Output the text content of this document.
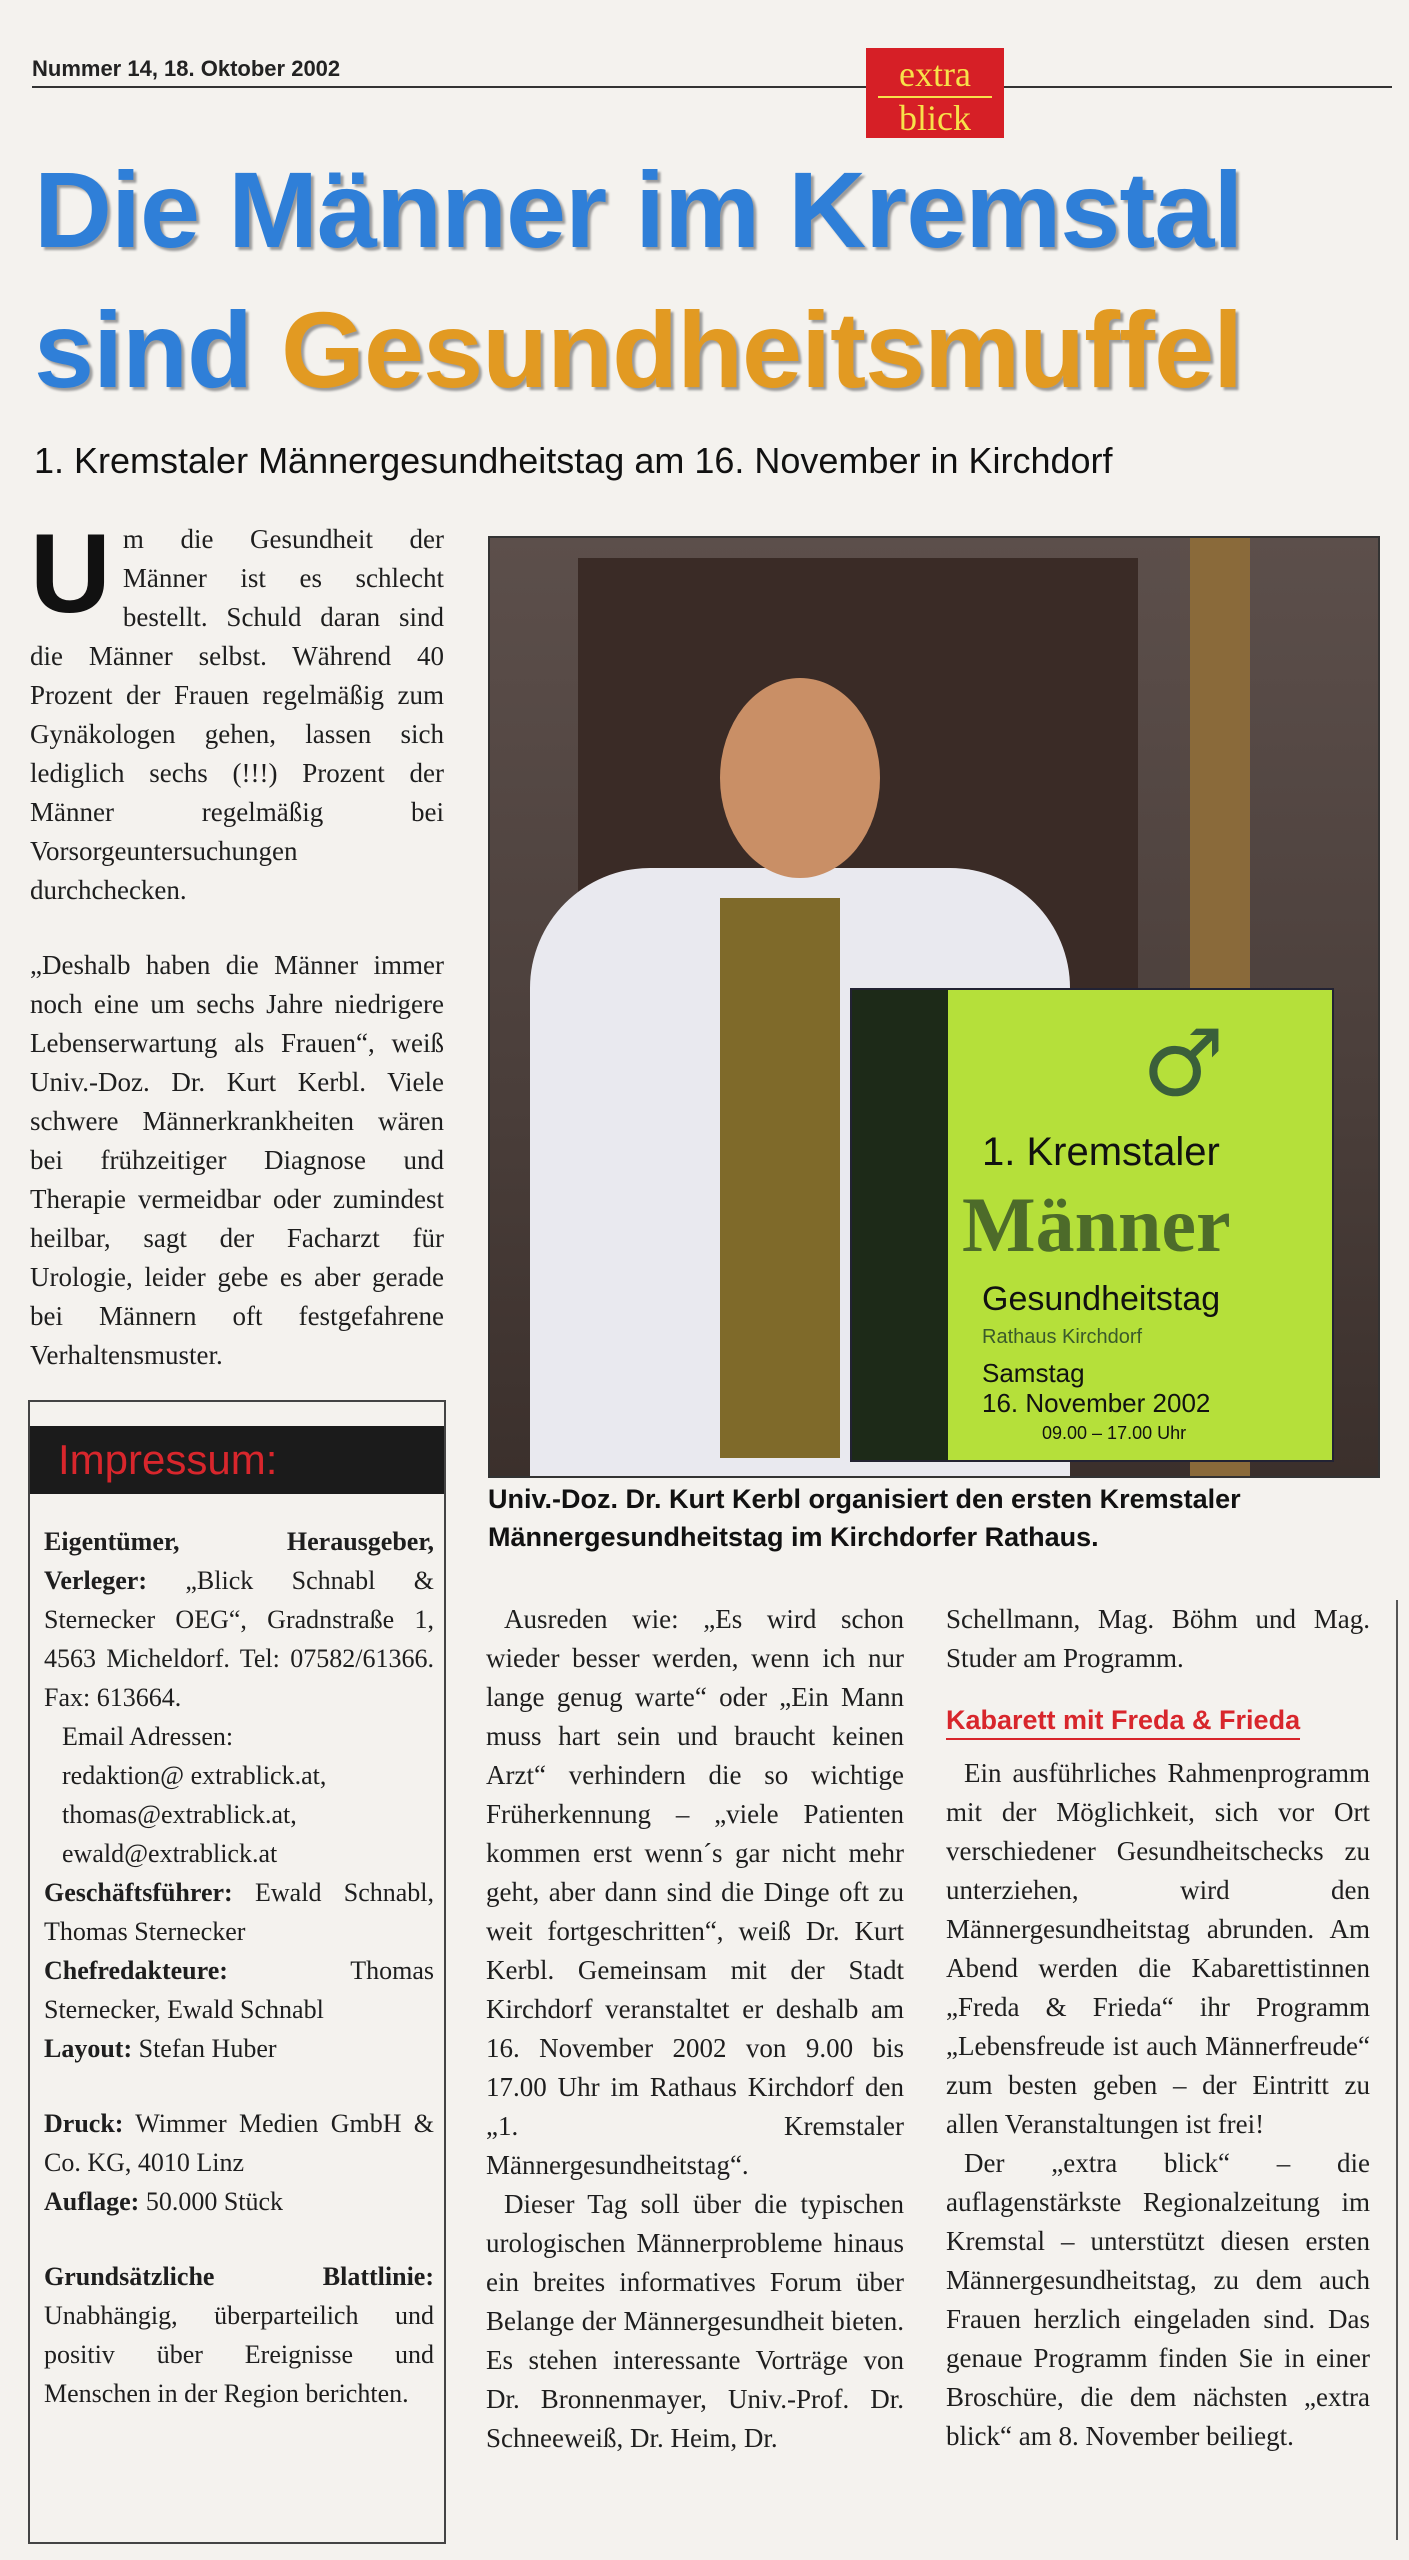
Nummer 14, 18. Oktober 2002	extra
blick
Die Männer im Kremstal
sind Gesundheitsmuffel
1. Kremstaler Männergesundheitstag am 16. November in Kirchdorf
U m die Gesundheit der Männer ist es schlecht bestellt. Schuld daran sind die Männer selbst. Während 40 Prozent der Frauen regelmäßig zum Gynäkologen gehen, lassen sich lediglich sechs (!!!) Prozent der Männer regelmäßig bei Vorsorgeuntersuchungen durchchecken.

„Deshalb haben die Männer immer noch eine um sechs Jahre niedrigere Lebenserwartung als Frauen“, weiß Univ.-Doz. Dr. Kurt Kerbl. Viele schwere Männerkrankheiten wären bei frühzeitiger Diagnose und Therapie vermeidbar oder zumindest heilbar, sagt der Facharzt für Urologie, leider gebe es aber gerade bei Männern oft festgefahrene Verhaltensmuster.

♂
1. Kremstaler
Männer
Gesundheitstag
Rathaus Kirchdorf
Samstag
16. November 2002
09.00 – 17.00 Uhr
Univ.-Doz. Dr. Kurt Kerbl organisiert den ersten Kremstaler Männergesundheitstag im Kirchdorfer Rathaus.
Impressum:

Eigentümer, Herausgeber, Verleger: „Blick Schnabl & Sternecker OEG“, Gradnstraße 1, 4563 Micheldorf. Tel: 07582/61366. Fax: 613664.

Email Adressen:

redaktion@ extrablick.at,

thomas@extrablick.at,

ewald@extrablick.at

Geschäftsführer: Ewald Schnabl, Thomas Sternecker

Chefredakteure:	Thomas Sternecker, Ewald Schnabl

Layout: Stefan Huber

Druck: Wimmer Medien GmbH & Co. KG, 4010 Linz

Auflage: 50.000 Stück

Grundsätzliche Blattlinie: Unabhängig, überparteilich und positiv über Ereignisse und Menschen in der Region berichten.

Ausreden wie: „Es wird schon wieder besser werden, wenn ich nur lange genug warte“ oder „Ein Mann muss hart sein und braucht keinen Arzt“ verhindern die so wichtige Früherkennung – „viele Patienten kommen erst wenn´s gar nicht mehr geht, aber dann sind die Dinge oft zu weit fortgeschritten“, weiß Dr. Kurt Kerbl. Gemeinsam mit der Stadt Kirchdorf veranstaltet er deshalb am 16. November 2002 von 9.00 bis 17.00 Uhr im Rathaus Kirchdorf den „1. Kremstaler Männergesundheitstag“.

Dieser Tag soll über die typischen urologischen Männerprobleme hinaus ein breites informatives Forum über Belange der Männergesundheit bieten. Es stehen interessante Vorträge von Dr. Bronnenmayer, Univ.-Prof. Dr. Schneeweiß, Dr. Heim, Dr.

Schellmann, Mag. Böhm und Mag. Studer am Programm.

Kabarett mit Freda & Frieda

Ein ausführliches Rahmenprogramm mit der Möglichkeit, sich vor Ort verschiedener Gesundheitschecks zu unterziehen, wird den Männergesundheitstag abrunden. Am Abend werden die Kabarettistinnen „Freda & Frieda“ ihr Programm „Lebensfreude ist auch Männerfreude“ zum besten geben – der Eintritt zu allen Veranstaltungen ist frei!

Der „extra blick“ – die auflagenstärkste Regionalzeitung im Kremstal – unterstützt diesen ersten Männergesundheitstag, zu dem auch Frauen herzlich eingeladen sind. Das genaue Programm finden Sie in einer Broschüre, die dem nächsten „extra blick“ am 8. November beiliegt.
